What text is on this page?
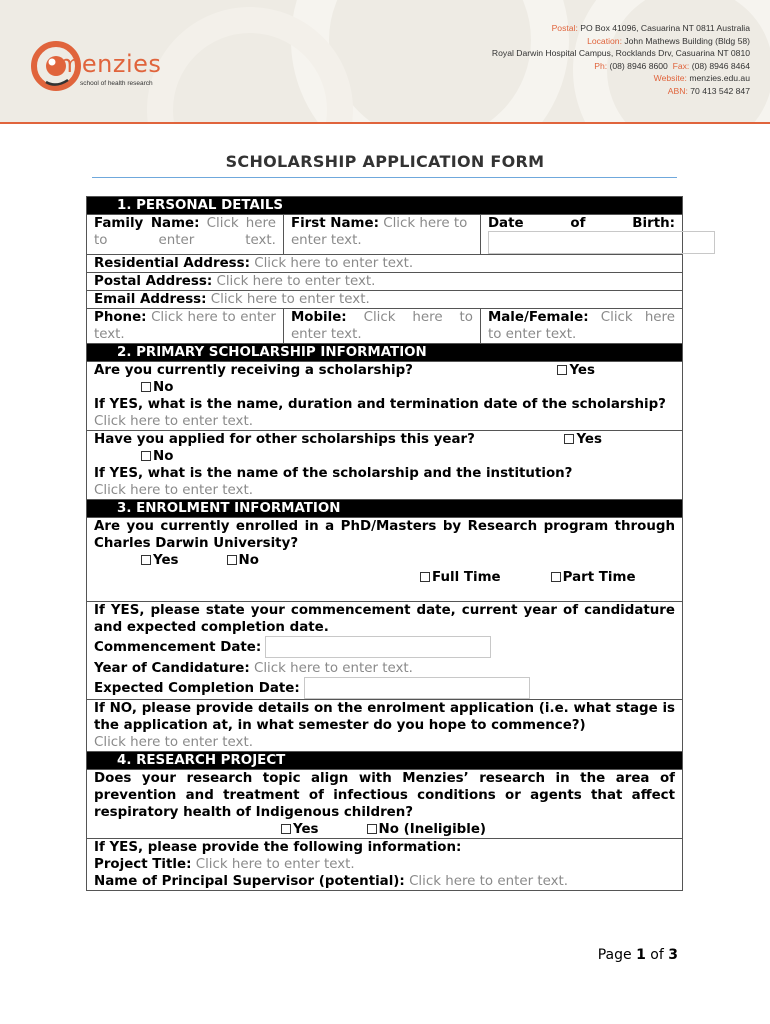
menzies
school of health research
Postal: PO Box 41096, Casuarina NT 0811 Australia
Location: John Mathews Building (Bldg 58)
Royal Darwin Hospital Campus, Rocklands Drv, Casuarina NT 0810
Ph: (08) 8946 8600 Fax: (08) 8946 8464
Website: menzies.edu.au
ABN: 70 413 542 847
SCHOLARSHIP APPLICATION FORM
1. PERSONAL DETAILS		

Family Name: Click here to enter text.	First Name: Click here to enter text.	Date of Birth:

Residential Address: Click here to enter text.		
Postal Address: Click here to enter text.		
Email Address: Click here to enter text.		

Phone: Click here to enter text.	Mobile: Click here to enter text.	Male/Female: Click here to enter text.

2. PRIMARY SCHOLARSHIP INFORMATION		

Are you currently receiving a scholarship? Yes
No
If YES, what is the name, duration and termination date of the scholarship?
Click here to enter text.		

Have you applied for other scholarships this year? Yes
No
If YES, what is the name of the scholarship and the institution?
Click here to enter text.		

3. ENROLMENT INFORMATION		

Are you currently enrolled in a PhD/Masters by Research program through Charles Darwin University?
Yes No
Full Time Part Time		

If YES, please state your commencement date, current year of candidature and expected completion date.
Commencement Date:
Year of Candidature: Click here to enter text.
Expected Completion Date:		

If NO, please provide details on the enrolment application (i.e. what stage is the application at, in what semester do you hope to commence?)
Click here to enter text.		

4. RESEARCH PROJECT		

Does your research topic align with Menzies’ research in the area of prevention and treatment of infectious conditions or agents that affect respiratory health of Indigenous children?
Yes No (Ineligible)		

If YES, please provide the following information:
Project Title: Click here to enter text.
Name of Principal Supervisor (potential): Click here to enter text.		
Page 1 of 3
